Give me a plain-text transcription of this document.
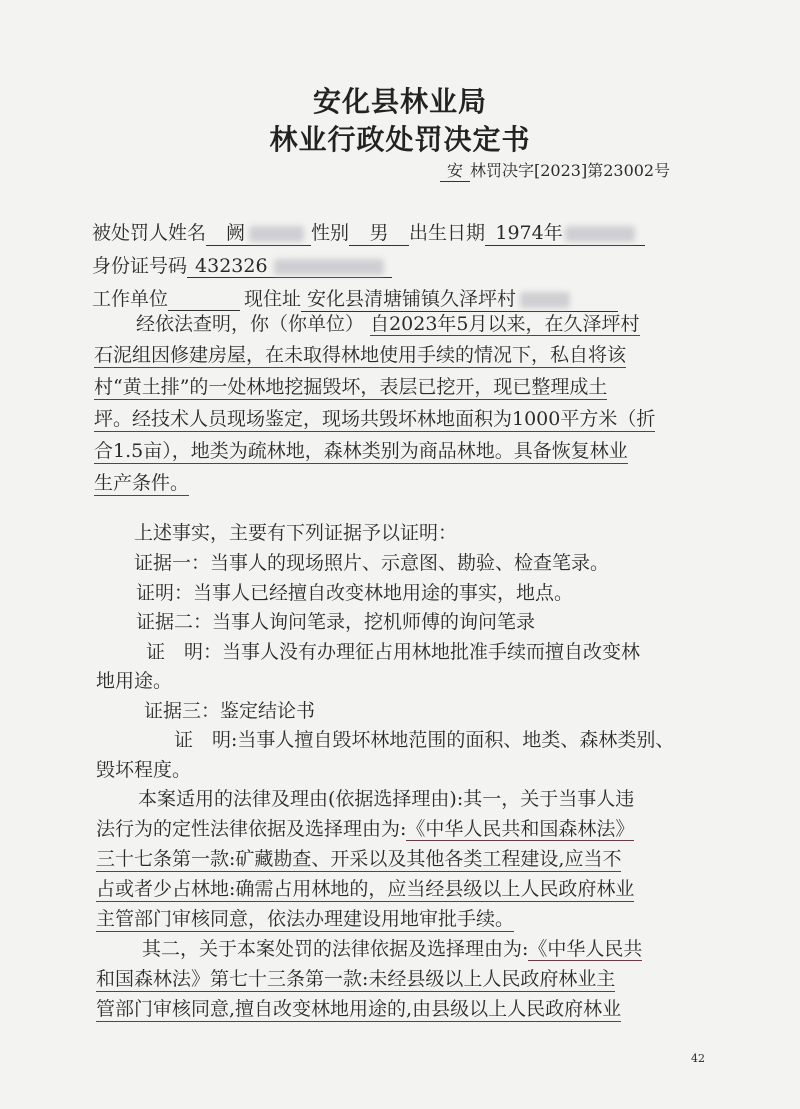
安化县林业局
林业行政处罚决定书
安 林罚决字[2023]第23002号
被处罚人姓名 阙	性别 男 出生日期 1974年
身份证号码 432326
工作单位	现住址 安化县清塘铺镇久泽坪村
经依法查明，你（你单位） 自2023年5月以来，在久泽坪村
石泥组因修建房屋，在未取得林地使用手续的情况下，私自将该
村“黄土排”的一处林地挖掘毁坏，表层已挖开，现已整理成土
坪。经技术人员现场鉴定，现场共毁坏林地面积为1000平方米（折
合1.5亩），地类为疏林地，森林类别为商品林地。具备恢复林业
生产条件。
上述事实，主要有下列证据予以证明：
证据一：当事人的现场照片、示意图、勘验、检查笔录。
证明：当事人已经擅自改变林地用途的事实，地点。
证据二：当事人询问笔录，挖机师傅的询问笔录
证　明：当事人没有办理征占用林地批准手续而擅自改变林
地用途。
证据三：鉴定结论书
证　明:当事人擅自毁坏林地范围的面积、地类、森林类别、
毁坏程度。
本案适用的法律及理由(依据选择理由):其一，关于当事人违
法行为的定性法律依据及选择理由为:《中华人民共和国森林法》
三十七条第一款:矿藏勘查、开采以及其他各类工程建设,应当不
占或者少占林地:确需占用林地的，应当经县级以上人民政府林业
主管部门审核同意，依法办理建设用地审批手续。
其二，关于本案处罚的法律依据及选择理由为:《中华人民共
和国森林法》第七十三条第一款:未经县级以上人民政府林业主
管部门审核同意,擅自改变林地用途的,由县级以上人民政府林业
42
